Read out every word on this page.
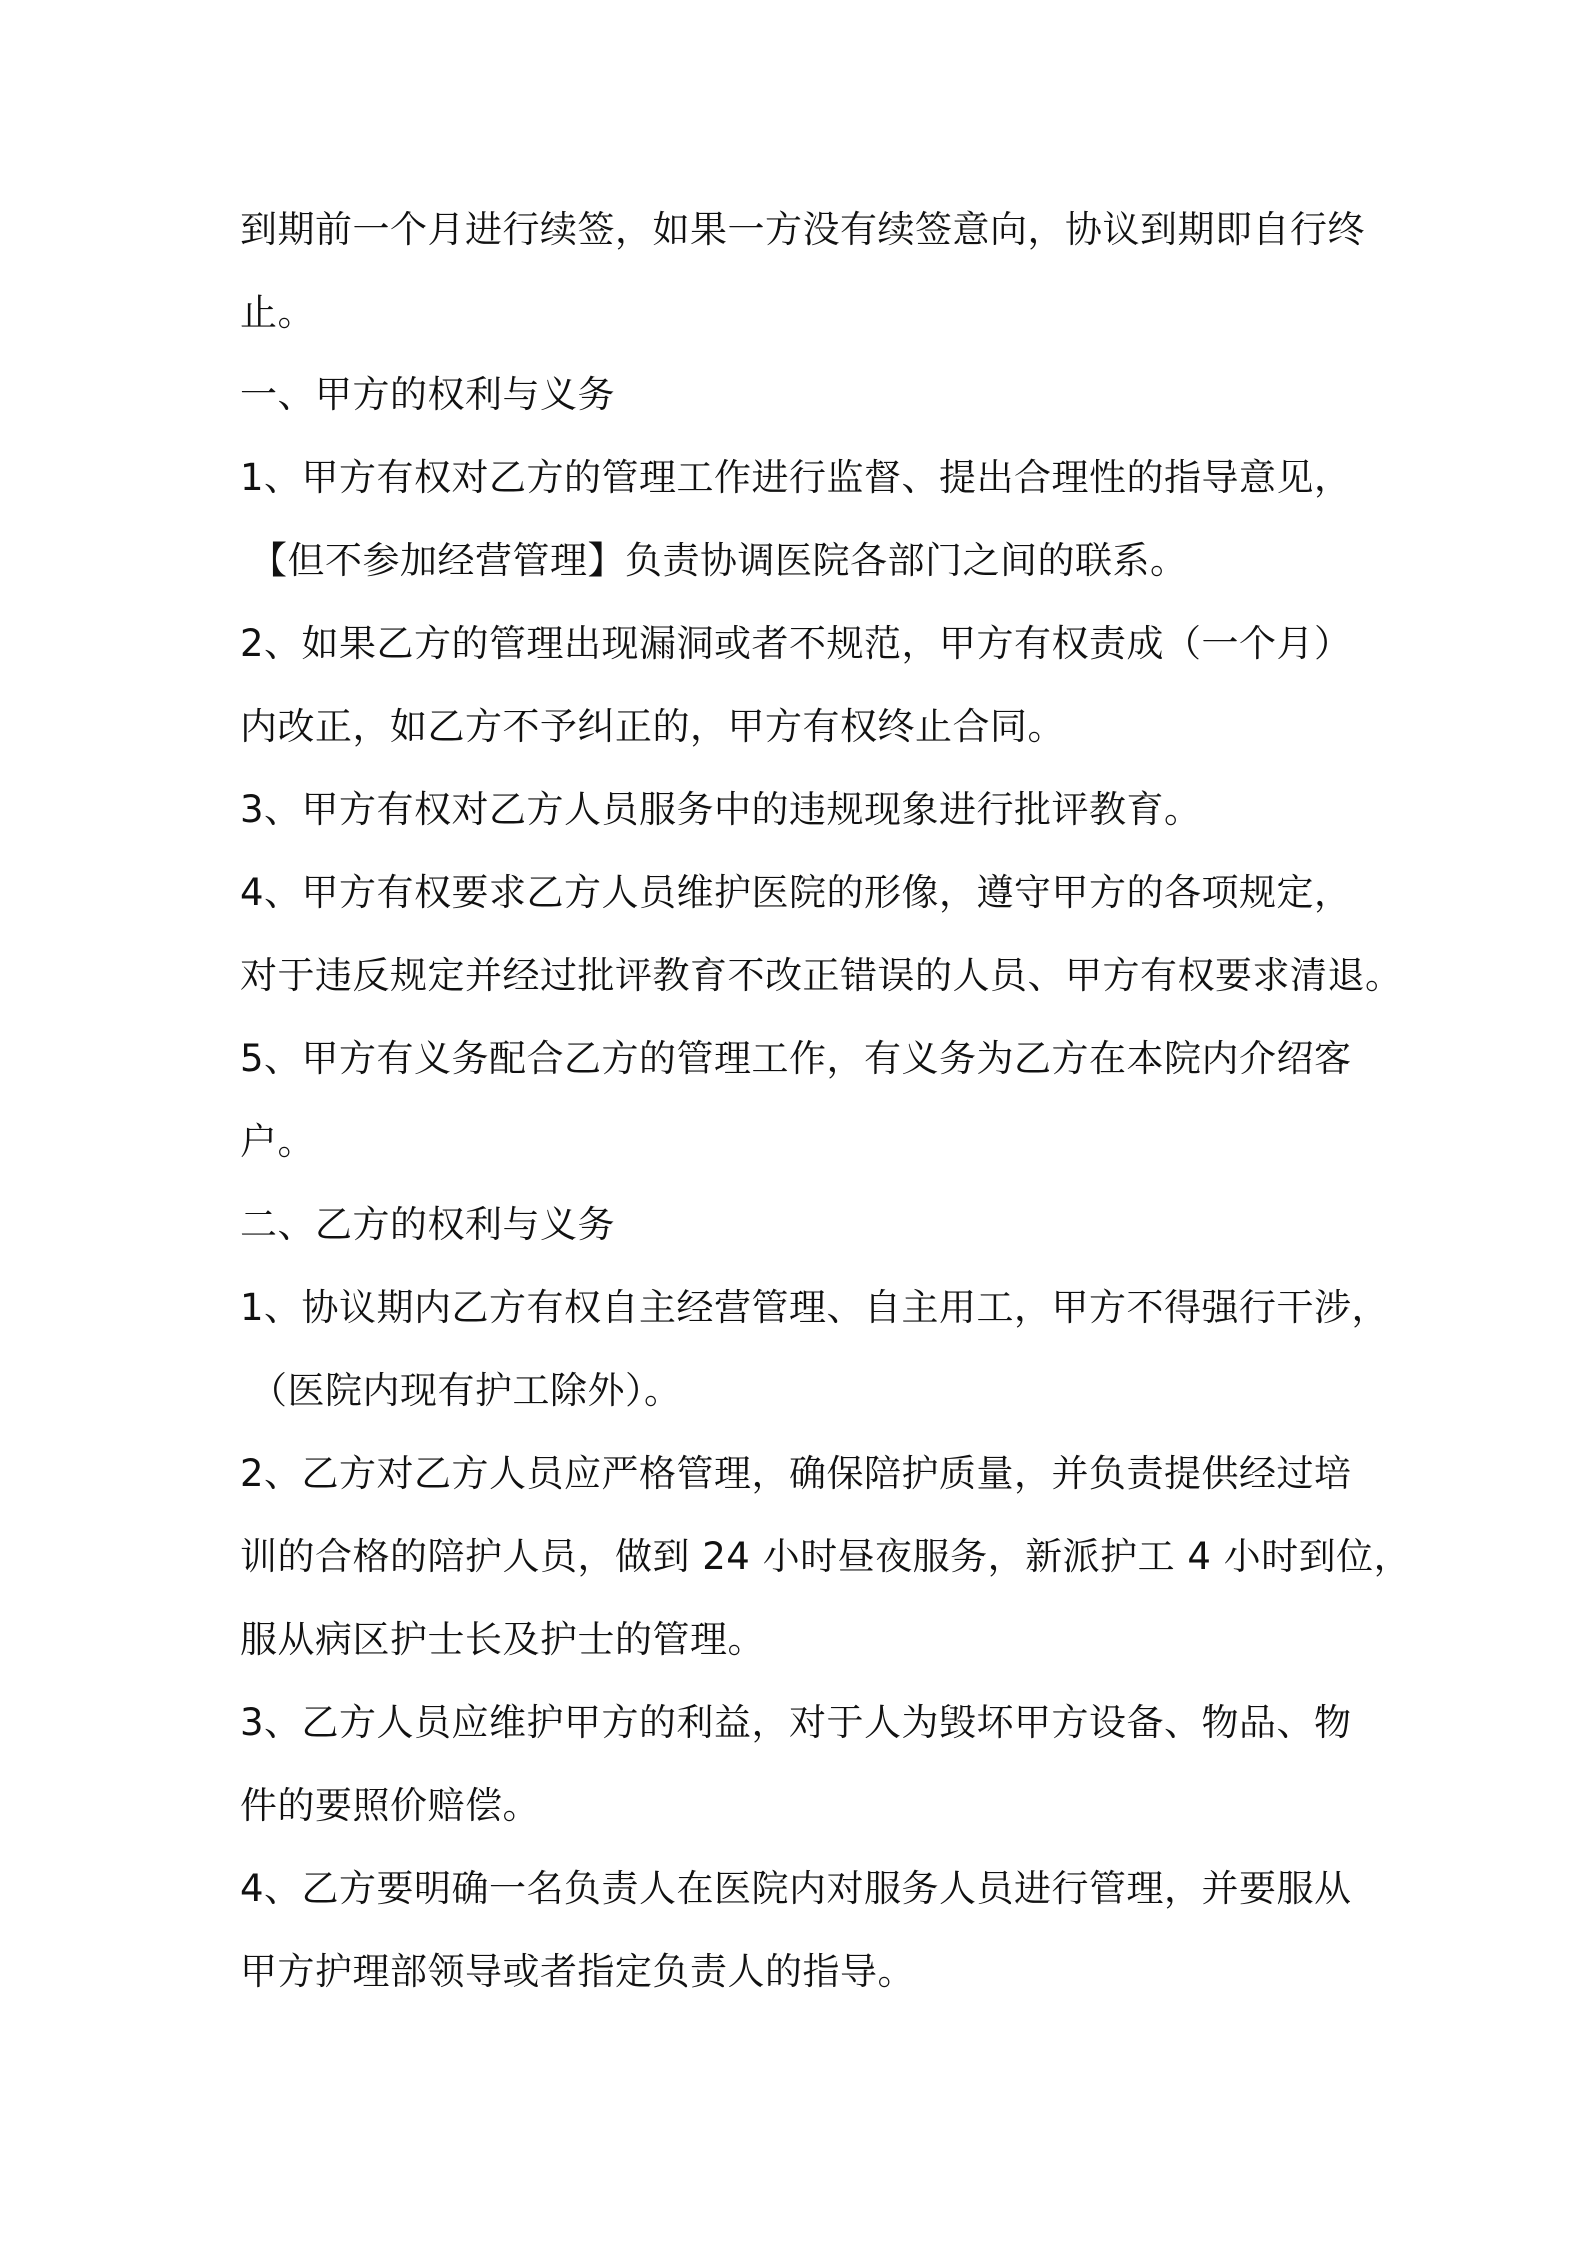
到期前一个月进行续签，如果一方没有续签意向，协议到期即自行终
止。
一、甲方的权利与义务
1、甲方有权对乙方的管理工作进行监督、提出合理性的指导意见，
【但不参加经营管理】负责协调医院各部门之间的联系。
2、如果乙方的管理出现漏洞或者不规范，甲方有权责成（一个月）
内改正，如乙方不予纠正的，甲方有权终止合同。
3、甲方有权对乙方人员服务中的违规现象进行批评教育。
4、甲方有权要求乙方人员维护医院的形像，遵守甲方的各项规定，
对于违反规定并经过批评教育不改正错误的人员、甲方有权要求清退。
5、甲方有义务配合乙方的管理工作，有义务为乙方在本院内介绍客
户。
二、乙方的权利与义务
1、协议期内乙方有权自主经营管理、自主用工，甲方不得强行干涉，
（医院内现有护工除外）。
2、乙方对乙方人员应严格管理，确保陪护质量，并负责提供经过培
训的合格的陪护人员，做到 24 小时昼夜服务，新派护工 4 小时到位，
服从病区护士长及护士的管理。
3、乙方人员应维护甲方的利益，对于人为毁坏甲方设备、物品、物
件的要照价赔偿。
4、乙方要明确一名负责人在医院内对服务人员进行管理，并要服从
甲方护理部领导或者指定负责人的指导。
